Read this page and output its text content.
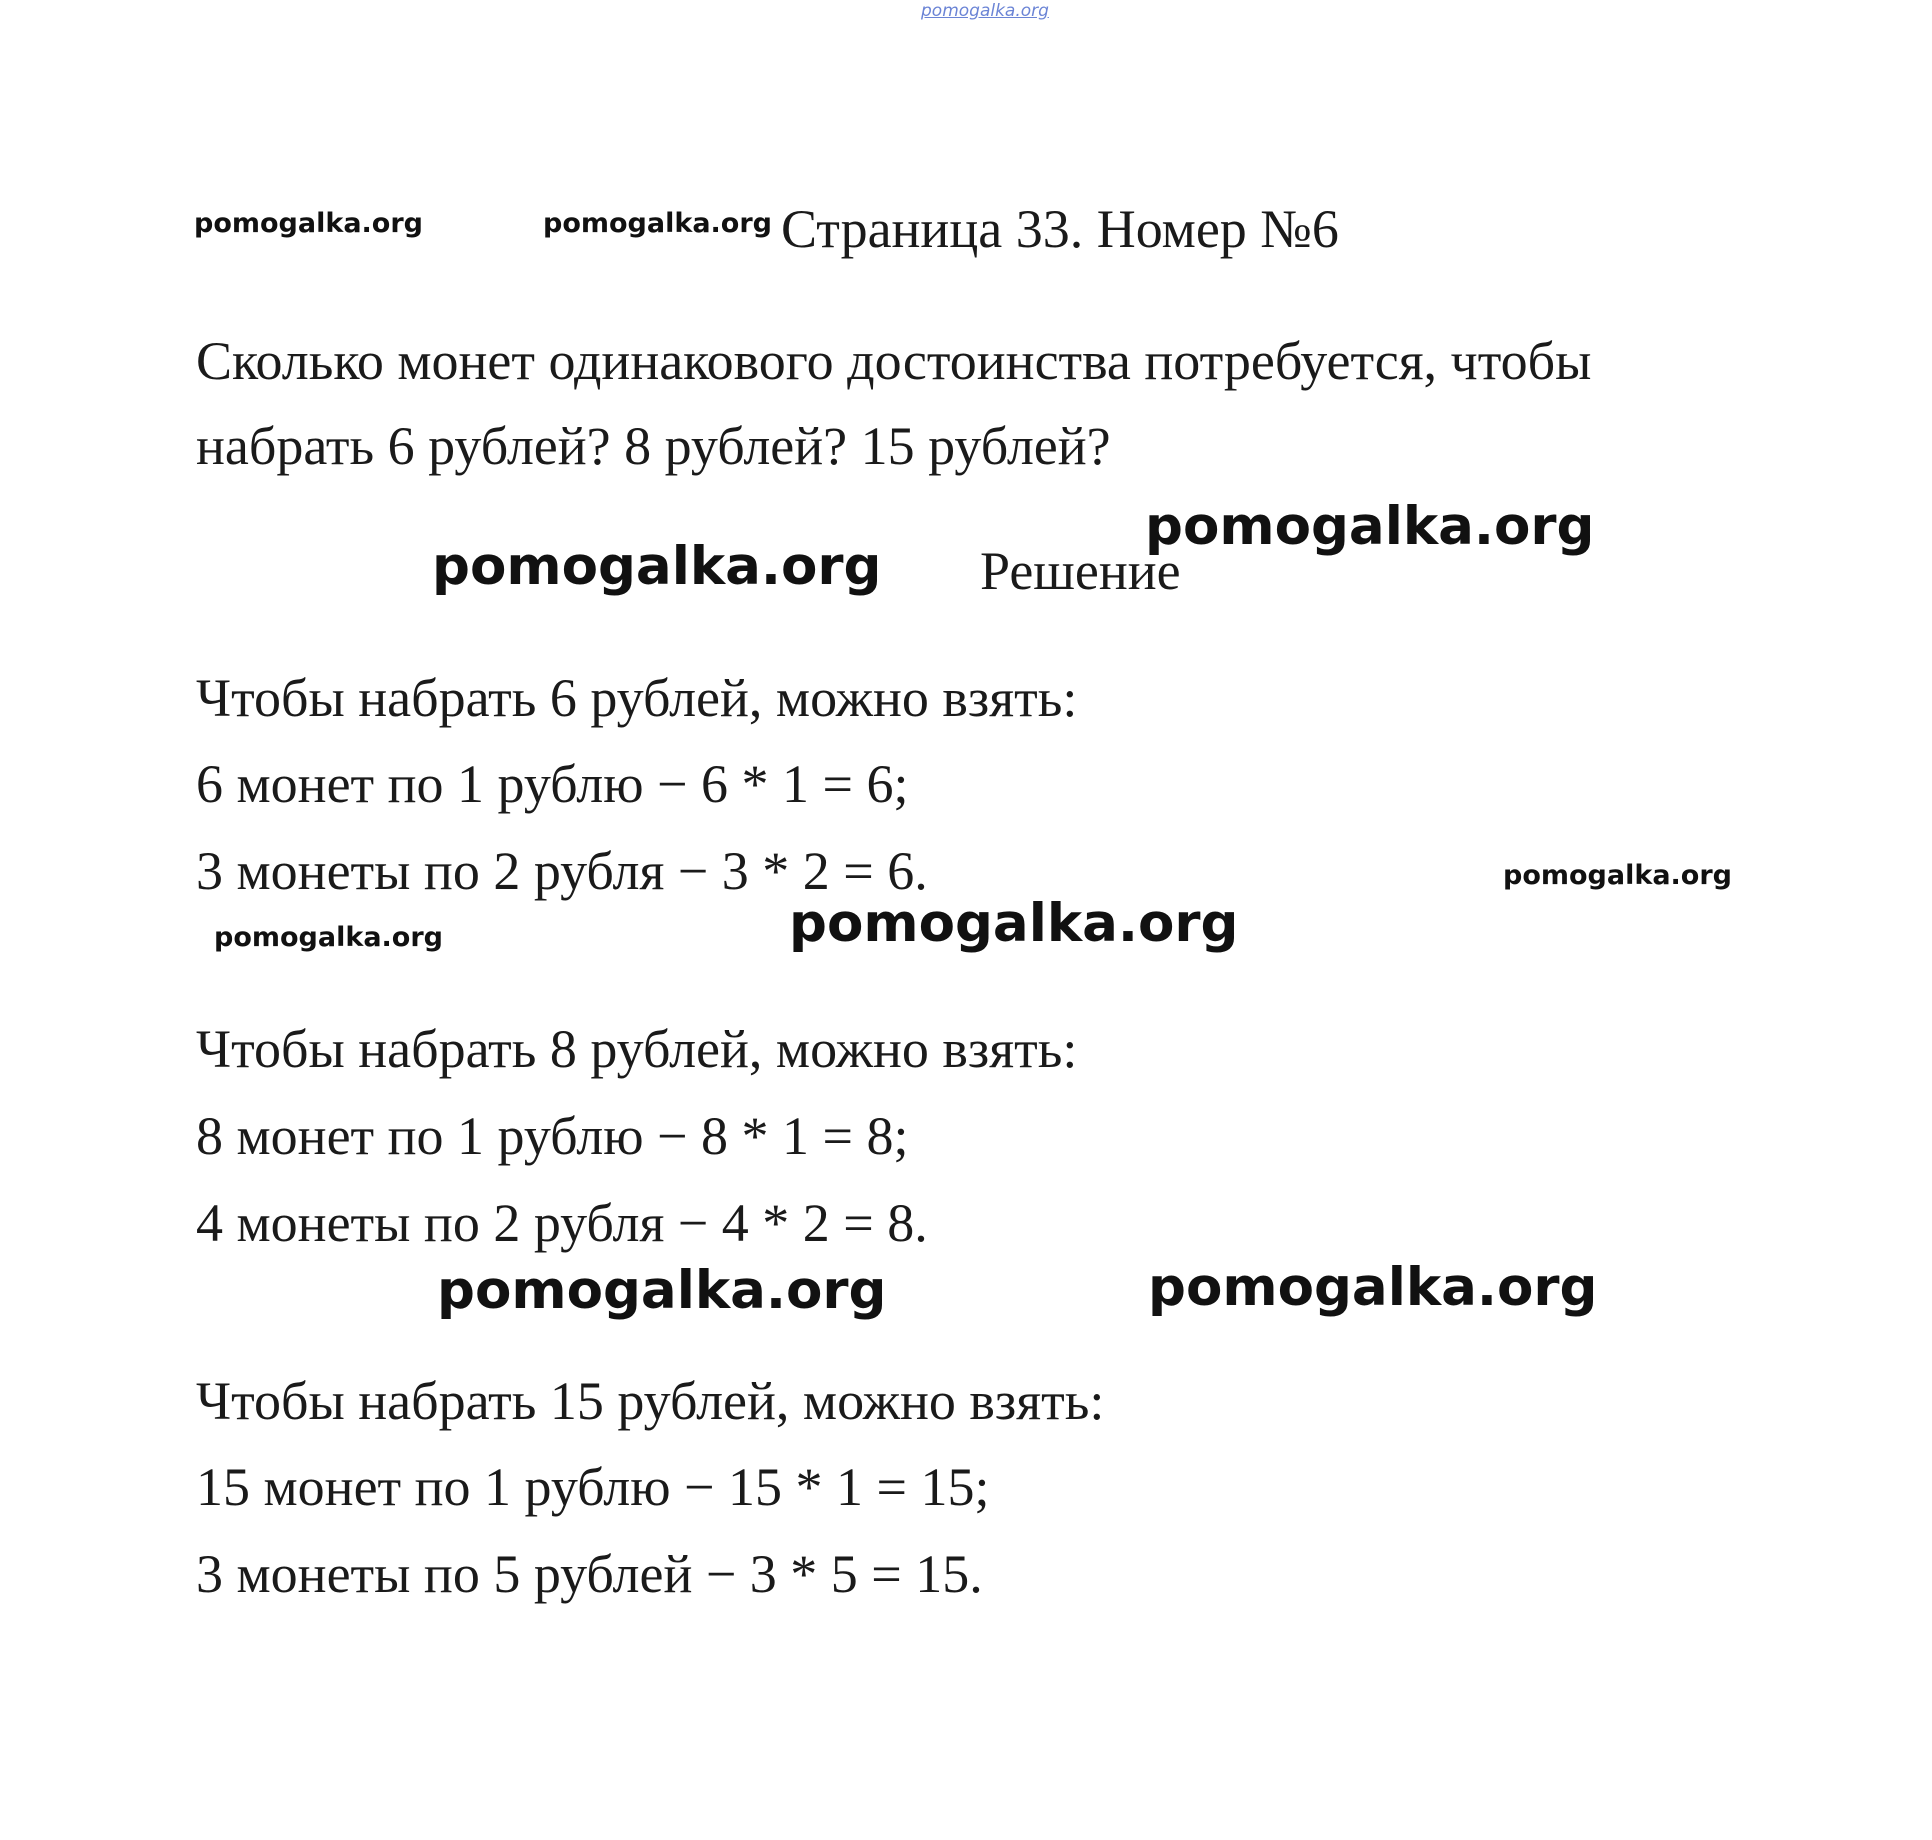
pomogalka.org
pomogalka.org	pomogalka.org
pomogalka.org
pomogalka.org
pomogalka.org
pomogalka.org	pomogalka.org
pomogalka.org	pomogalka.org
Страница 33. Номер №6
Сколько монет одинакового достоинства потребуется, чтобы
набрать 6 рублей? 8 рублей? 15 рублей?
Решение
Чтобы набрать 6 рублей, можно взять:
6 монет по 1 рублю − 6 * 1 = 6;
3 монеты по 2 рубля − 3 * 2 = 6.
Чтобы набрать 8 рублей, можно взять:
8 монет по 1 рублю − 8 * 1 = 8;
4 монеты по 2 рубля − 4 * 2 = 8.
Чтобы набрать 15 рублей, можно взять:
15 монет по 1 рублю − 15 * 1 = 15;
3 монеты по 5 рублей − 3 * 5 = 15.
